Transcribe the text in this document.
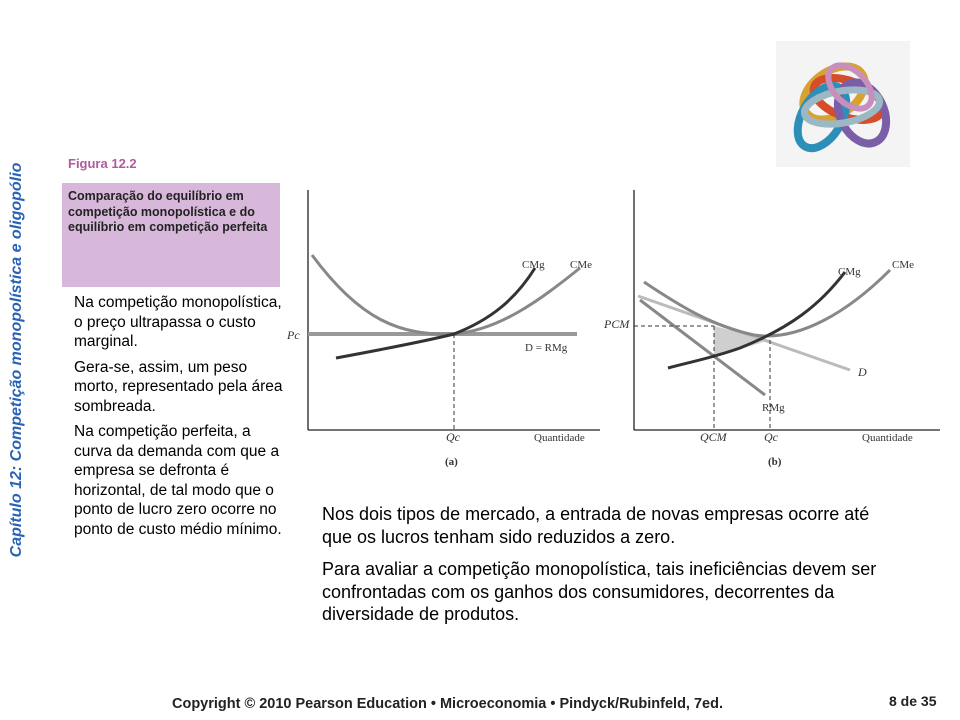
Capítulo 12: Competição monopolística e oligopólio	Figura 12.2
Comparação do equilíbrio em competição monopolística e do equilíbrio em competição perfeita

Na competição monopolística, o preço ultrapassa o custo marginal.

Gera-se, assim, um peso morto, representado pela área sombreada.

Na competição perfeita, a curva da demanda com que a empresa se defronta é horizontal, de tal modo que o ponto de lucro zero ocorre no ponto de custo médio mínimo.

Pc
CMg CMe
D = RMg
Qc	Quantidade
(a)
PCM
CMg
CMe
D
RMg
QCM	Qc	Quantidade
(b)

Nos dois tipos de mercado, a entrada de novas empresas ocorre até que os lucros tenham sido reduzidos a zero.

Para avaliar a competição monopolística, tais ineficiências devem ser confrontadas com os ganhos dos consumidores, decorrentes da diversidade de produtos.

Copyright © 2010 Pearson Education • Microeconomia • Pindyck/Rubinfeld, 7ed.	8 de 35
